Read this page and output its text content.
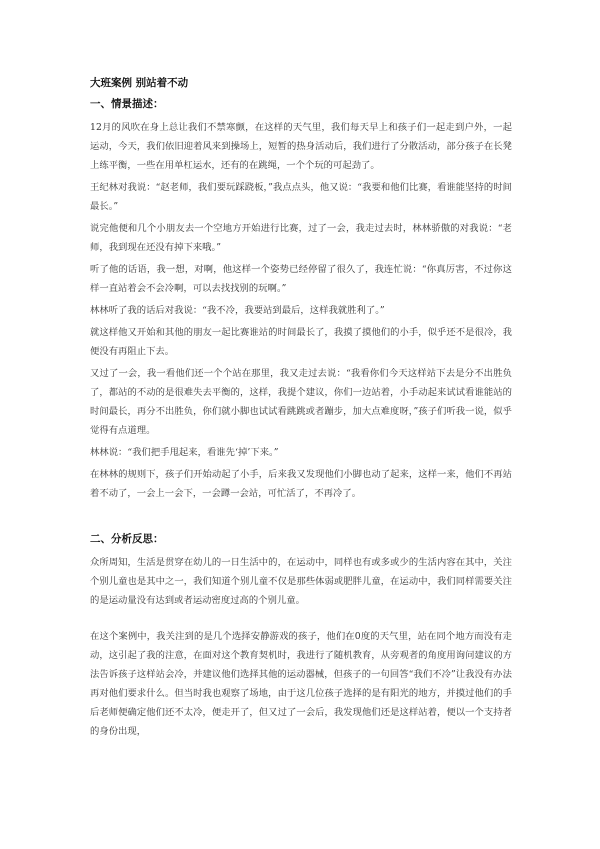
大班案例 别站着不动
一、情景描述：

12月的风吹在身上总让我们不禁寒颤，在这样的天气里，我们每天早上和孩子们一起走到户外，一起运动，今天，我们依旧迎着风来到操场上，短暂的热身活动后，我们进行了分散活动，部分孩子在长凳上练平衡，一些在用单杠运水，还有的在跳绳，一个个玩的可起劲了。

王纪林对我说：“赵老师，我们要玩踩跷板，”我点点头，他又说：“我要和他们比赛，看谁能坚持的时间最长。”

说完他便和几个小朋友去一个空地方开始进行比赛，过了一会，我走过去时，林林骄傲的对我说：“老师，我到现在还没有掉下来哦。”

听了他的话语，我一想，对啊，他这样一个姿势已经停留了很久了，我连忙说：“你真厉害，不过你这样一直站着会不会冷啊，可以去找找别的玩啊。”

林林听了我的话后对我说：“我不冷，我要站到最后，这样我就胜利了。”

就这样他又开始和其他的朋友一起比赛谁站的时间最长了，我摸了摸他们的小手，似乎还不是很冷，我便没有再阻止下去。

又过了一会，我一看他们还一个个站在那里，我又走过去说：“我看你们今天这样站下去是分不出胜负了，都站的不动的是很难失去平衡的，这样，我提个建议，你们一边站着，小手动起来试试看谁能站的时间最长，再分不出胜负，你们就小脚也试试看跳跳或者蹦步，加大点难度呀，”孩子们听我一说，似乎觉得有点道理。

林林说：“我们把手甩起来，看谁先‘掉’下来。”

在林林的规则下，孩子们开始动起了小手，后来我又发现他们小脚也动了起来，这样一来，他们不再站着不动了，一会上一会下，一会蹲一会站，可忙活了，不再冷了。

二、分析反思：

众所周知，生活是贯穿在幼儿的一日生活中的，在运动中，同样也有或多或少的生活内容在其中，关注个别儿童也是其中之一，我们知道个别儿童不仅是那些体弱或肥胖儿童，在运动中，我们同样需要关注的是运动量没有达到或者运动密度过高的个别儿童。

在这个案例中，我关注到的是几个选择安静游戏的孩子，他们在0度的天气里，站在同个地方而没有走动，这引起了我的注意，在面对这个教育契机时，我进行了随机教育，从旁观者的角度用询问建议的方法告诉孩子这样站会冷，并建议他们选择其他的运动器械，但孩子的一句回答“我们不冷”让我没有办法再对他们要求什么。但当时我也观察了场地，由于这几位孩子选择的是有阳光的地方，并摸过他们的手后老师便确定他们还不太冷，便走开了，但又过了一会后，我发现他们还是这样站着，便以一个支持者的身份出现，
